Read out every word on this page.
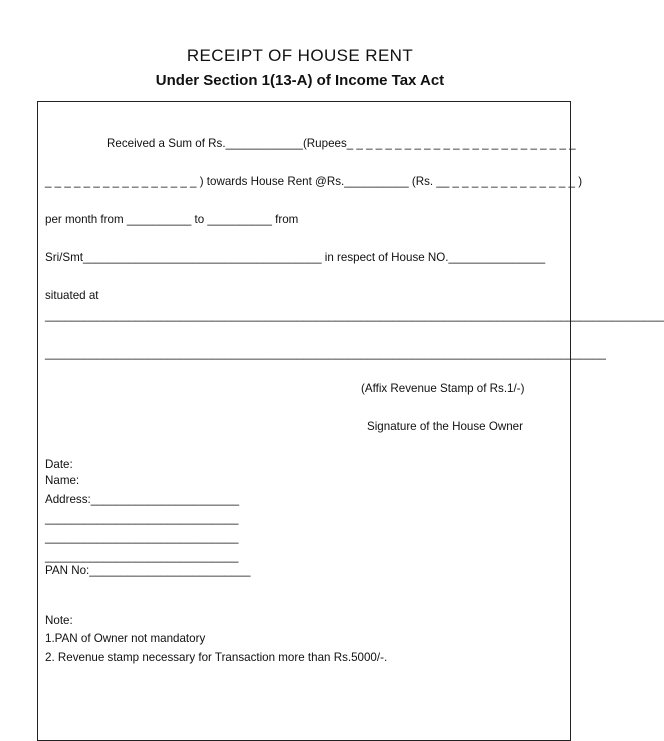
RECEIPT OF HOUSE RENT
Under Section 1(13-A) of Income Tax Act
Received a Sum of Rs.____________(Rupees_ _ _ _ _ _ _ _ _ _ _ _ _ _ _ _ _ _ _ _ _ _ _ _
_ _ _ _ _ _ _ _ _ _ _ _ _ _ _ _ ) towards House Rent @Rs.__________ (Rs. __ _ _ _ _ _ _ _ _ _ _ _ _ _ )
per month from __________ to __________ from
Sri/Smt_____________________________________ in respect of House NO._______________
situated at
________________________________________________________________________________________________
_______________________________________________________________________________________
(Affix Revenue Stamp of Rs.1/-)
Signature of the House Owner
Date:
Name:
Address:_______________________
______________________________
______________________________
______________________________
PAN No:_________________________
Note:
1.PAN of Owner not mandatory
2. Revenue stamp necessary for Transaction more than Rs.5000/-.
